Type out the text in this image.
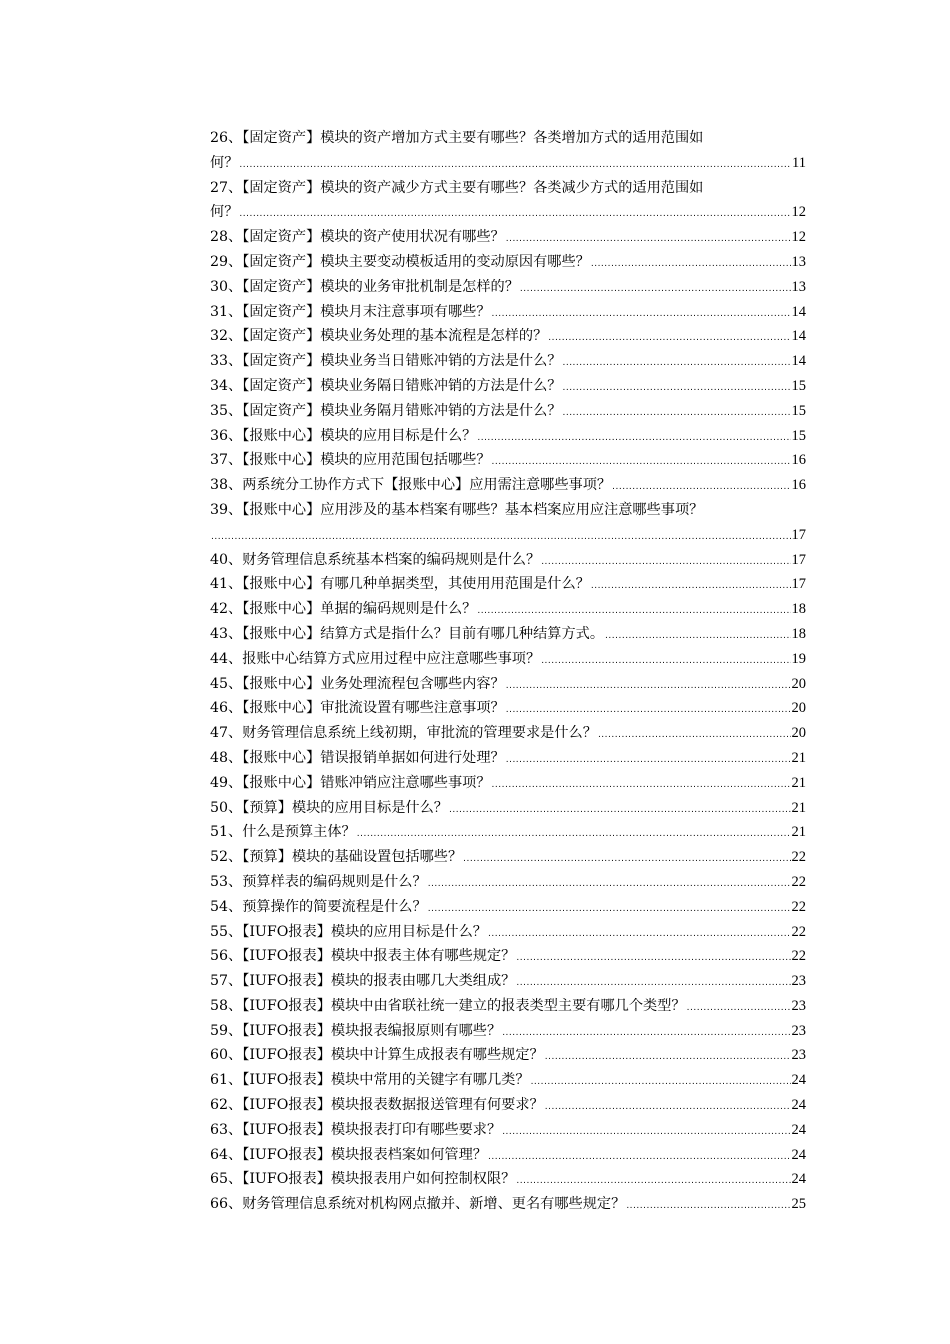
26、【固定资产】模块的资产增加方式主要有哪些？各类增加方式的适用范围如
何？ .....	11
27、【固定资产】模块的资产减少方式主要有哪些？各类减少方式的适用范围如
何？ .....	12
28、【固定资产】模块的资产使用状况有哪些？ .....	12
29、【固定资产】模块主要变动模板适用的变动原因有哪些？ .....	13
30、【固定资产】模块的业务审批机制是怎样的？ .....	13
31、【固定资产】模块月末注意事项有哪些？ .....	14
32、【固定资产】模块业务处理的基本流程是怎样的？ .....	14
33、【固定资产】模块业务当日错账冲销的方法是什么？ .....	14
34、【固定资产】模块业务隔日错账冲销的方法是什么？ .....	15
35、【固定资产】模块业务隔月错账冲销的方法是什么？ .....	15
36、【报账中心】模块的应用目标是什么？ .....	15
37、【报账中心】模块的应用范围包括哪些？ .....	16
38、两系统分工协作方式下【报账中心】应用需注意哪些事项？ .....	16
39、【报账中心】应用涉及的基本档案有哪些？基本档案应用应注意哪些事项？
.....
17
40、财务管理信息系统基本档案的编码规则是什么？ .....	17
41、【报账中心】有哪几种单据类型，其使用用范围是什么？ .....	17
42、【报账中心】单据的编码规则是什么？ .....	18
43、【报账中心】结算方式是指什么？目前有哪几种结算方式。 .....	18
44、报账中心结算方式应用过程中应注意哪些事项？ .....	19
45、【报账中心】业务处理流程包含哪些内容？ .....	20
46、【报账中心】审批流设置有哪些注意事项？ .....	20
47、财务管理信息系统上线初期，审批流的管理要求是什么？ .....	20
48、【报账中心】错误报销单据如何进行处理？ .....	21
49、【报账中心】错账冲销应注意哪些事项？ .....	21
50、【预算】模块的应用目标是什么？ .....	21
51、什么是预算主体？ .....	21
52、【预算】模块的基础设置包括哪些？ .....	22
53、预算样表的编码规则是什么？ .....	22
54、预算操作的简要流程是什么？ .....	22
55、【IUFO报表】模块的应用目标是什么？ .....	22
56、【IUFO报表】模块中报表主体有哪些规定？ .....	22
57、【IUFO报表】模块的报表由哪几大类组成？ .....	23
58、【IUFO报表】模块中由省联社统一建立的报表类型主要有哪几个类型？ .....	23
59、【IUFO报表】模块报表编报原则有哪些？ .....	23
60、【IUFO报表】模块中计算生成报表有哪些规定？ .....	23
61、【IUFO报表】模块中常用的关键字有哪几类？ .....	24
62、【IUFO报表】模块报表数据报送管理有何要求？ .....	24
63、【IUFO报表】模块报表打印有哪些要求？ .....	24
64、【IUFO报表】模块报表档案如何管理？ .....	24
65、【IUFO报表】模块报表用户如何控制权限？ .....	24
66、财务管理信息系统对机构网点撤并、新增、更名有哪些规定？ .....	25
